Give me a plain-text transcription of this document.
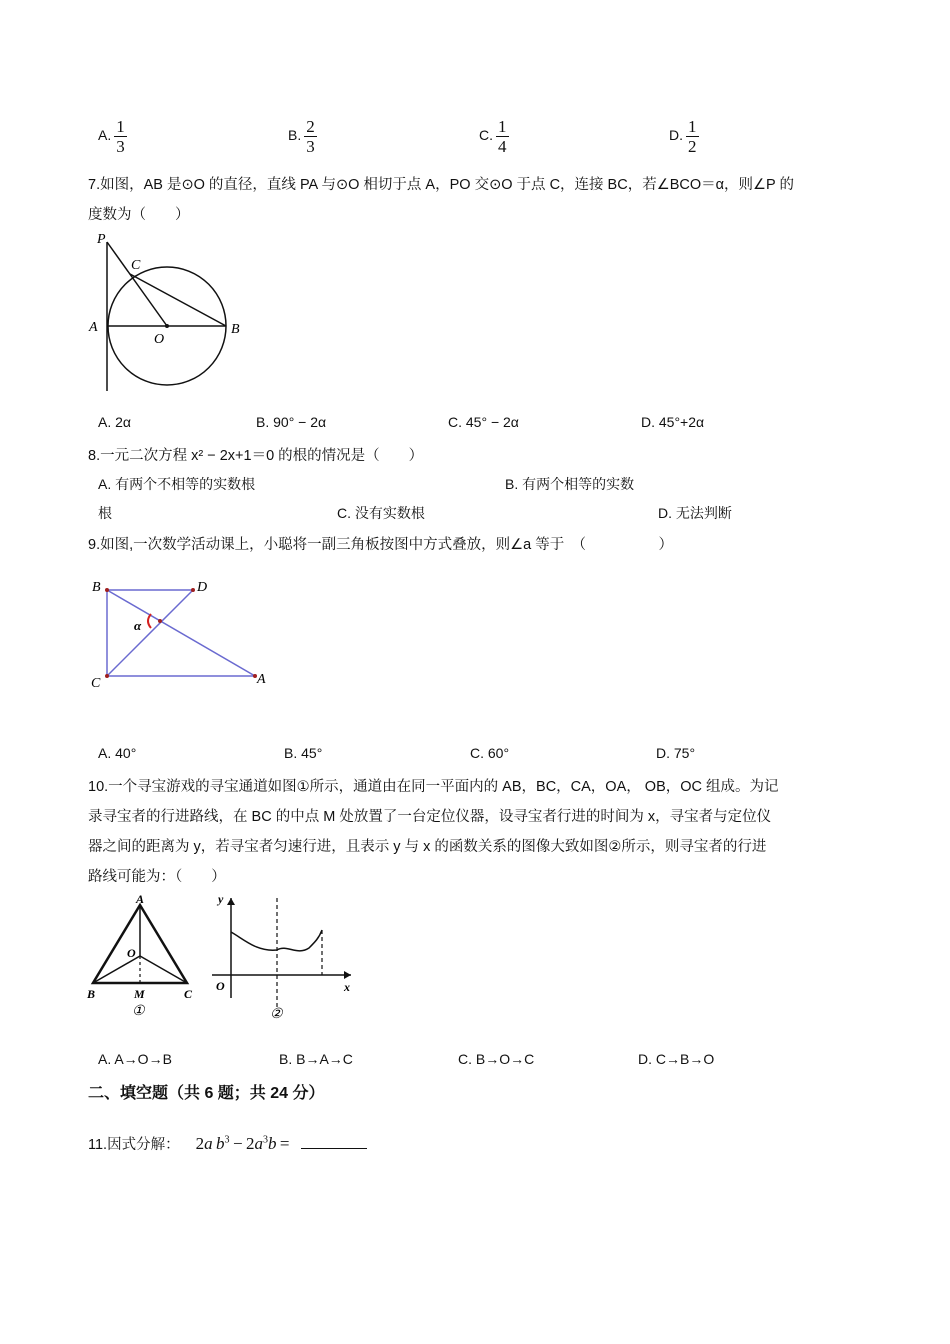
A. $\frac{1}{3}$	B. $\frac{2}{3}$	C. $\frac{1}{4}$	D. $\frac{1}{2}$
7.如图，AB 是⊙O 的直径，直线 PA 与⊙O 相切于点 A，PO 交⊙O 于点 C，连接 BC，若∠BCO＝α，则∠P 的
度数为（　　）
P
C
A
O
B
A. 2α	B. 90° − 2α	C. 45° − 2α	D. 45°+2α
8.一元二次方程 x² − 2x+1＝0 的根的情况是（　　）
A. 有两个不相等的实数根	B. 有两个相等的实数
根	C. 没有实数根	D. 无法判断
9.如图,一次数学活动课上，小聪将一副三角板按图中方式叠放，则∠a 等于　（　　　　　）
B	D
C	A
α
A. 40°	B. 45°	C. 60°	D. 75°
10.一个寻宝游戏的寻宝通道如图①所示，通道由在同一平面内的 AB，BC，CA，OA， OB，OC 组成。为记
录寻宝者的行进路线，在 BC 的中点 M 处放置了一台定位仪器，设寻宝者行进的时间为 x，寻宝者与定位仪
器之间的距离为 y，若寻宝者匀速行进，且表示 y 与 x 的函数关系的图像大致如图②所示，则寻宝者的行进
路线可能为：（　　）
A
O
B	M	C
①
y
x
O
②
A. A→O→B	B. B→A→C	C. B→O→C	D. C→B→O
二、填空题（共 6 题；共 24 分）
11.因式分解： 2a  $b^3 - 2a^3b$  =
